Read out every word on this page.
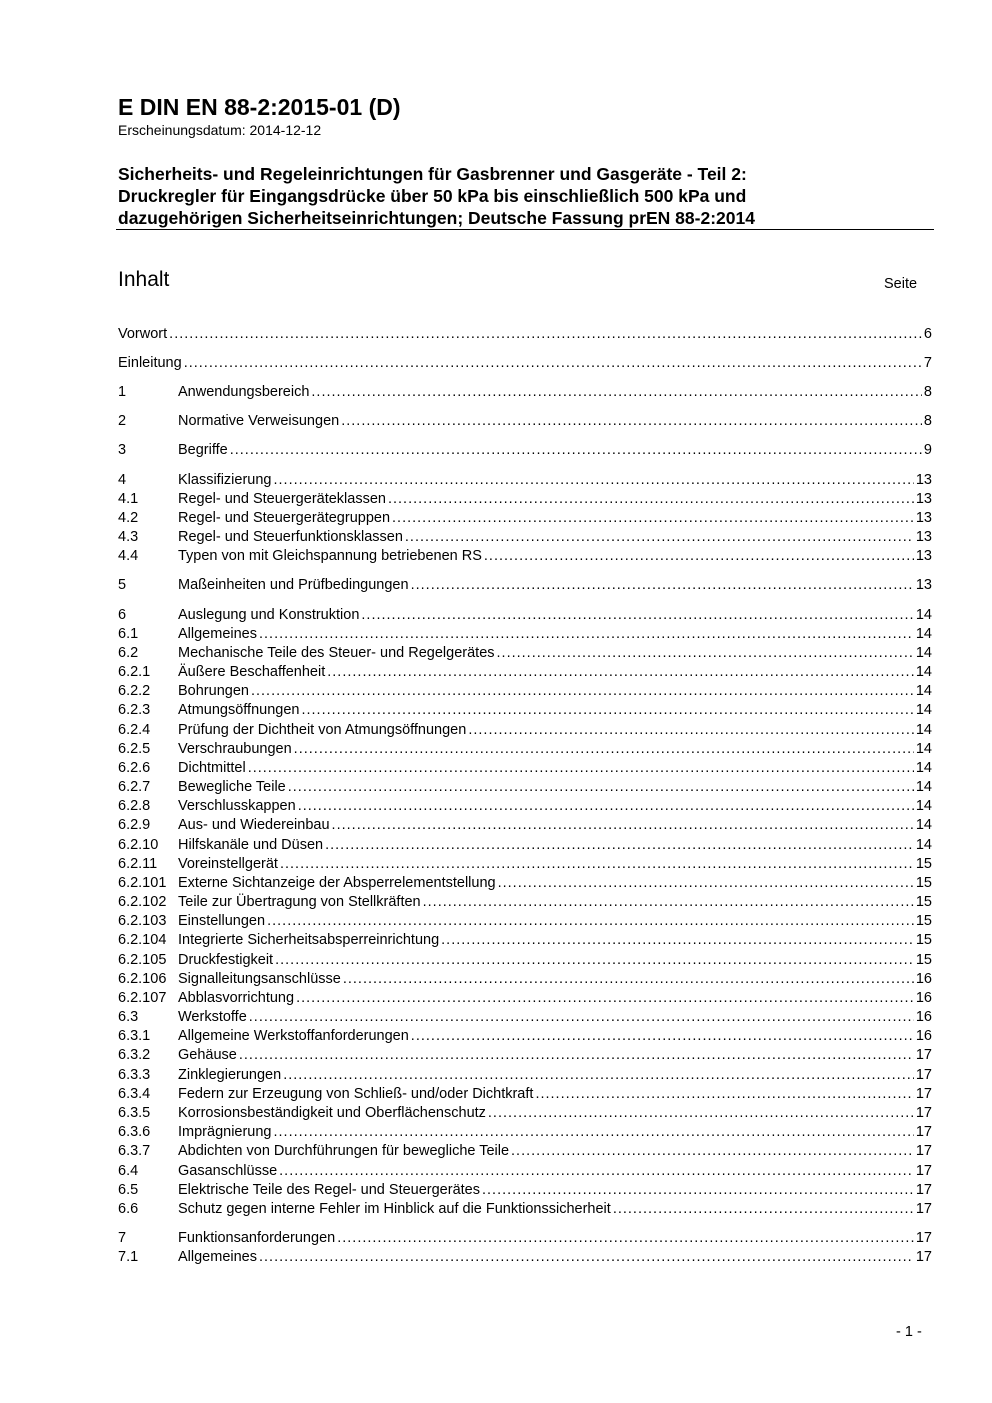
E DIN EN 88-2:2015-01 (D)
Erscheinungsdatum: 2014-12-12
Sicherheits- und Regeleinrichtungen für Gasbrenner und Gasgeräte - Teil 2:
Druckregler für Eingangsdrücke über 50 kPa bis einschließlich 500 kPa und
dazugehörigen Sicherheitseinrichtungen; Deutsche Fassung prEN 88-2:2014
Inhalt	Seite
Vorwort .....	6
Einleitung .....	7
1	Anwendungsbereich .....	8
2	Normative Verweisungen .....	8
3	Begriffe .....	9
4	Klassifizierung .....	13
4.1	Regel- und Steuergeräteklassen .....	13
4.2	Regel- und Steuergerätegruppen .....	13
4.3	Regel- und Steuerfunktionsklassen .....	13
4.4	Typen von mit Gleichspannung betriebenen RS .....	13
5	Maßeinheiten und Prüfbedingungen .....	13
6	Auslegung und Konstruktion .....	14
6.1	Allgemeines .....	14
6.2	Mechanische Teile des Steuer- und Regelgerätes .....	14
6.2.1	Äußere Beschaffenheit .....	14
6.2.2	Bohrungen .....	14
6.2.3	Atmungsöffnungen .....	14
6.2.4	Prüfung der Dichtheit von Atmungsöffnungen .....	14
6.2.5	Verschraubungen .....	14
6.2.6	Dichtmittel .....	14
6.2.7	Bewegliche Teile .....	14
6.2.8	Verschlusskappen .....	14
6.2.9	Aus- und Wiedereinbau .....	14
6.2.10	Hilfskanäle und Düsen .....	14
6.2.11	Voreinstellgerät .....	15
6.2.101 Externe Sichtanzeige der Absperrelementstellung .....	15
6.2.102 Teile zur Übertragung von Stellkräften .....	15
6.2.103 Einstellungen .....	15
6.2.104 Integrierte Sicherheitsabsperreinrichtung .....	15
6.2.105 Druckfestigkeit .....	15
6.2.106 Signalleitungsanschlüsse .....	16
6.2.107 Abblasvorrichtung .....	16
6.3	Werkstoffe .....	16
6.3.1	Allgemeine Werkstoffanforderungen .....	16
6.3.2	Gehäuse .....	17
6.3.3	Zinklegierungen .....	17
6.3.4	Federn zur Erzeugung von Schließ- und/oder Dichtkraft .....	17
6.3.5	Korrosionsbeständigkeit und Oberflächenschutz .....	17
6.3.6	Imprägnierung .....	17
6.3.7	Abdichten von Durchführungen für bewegliche Teile .....	17
6.4	Gasanschlüsse .....	17
6.5	Elektrische Teile des Regel- und Steuergerätes .....	17
6.6	Schutz gegen interne Fehler im Hinblick auf die Funktionssicherheit .....	17
7	Funktionsanforderungen .....	17
7.1	Allgemeines .....	17
- 1 -
